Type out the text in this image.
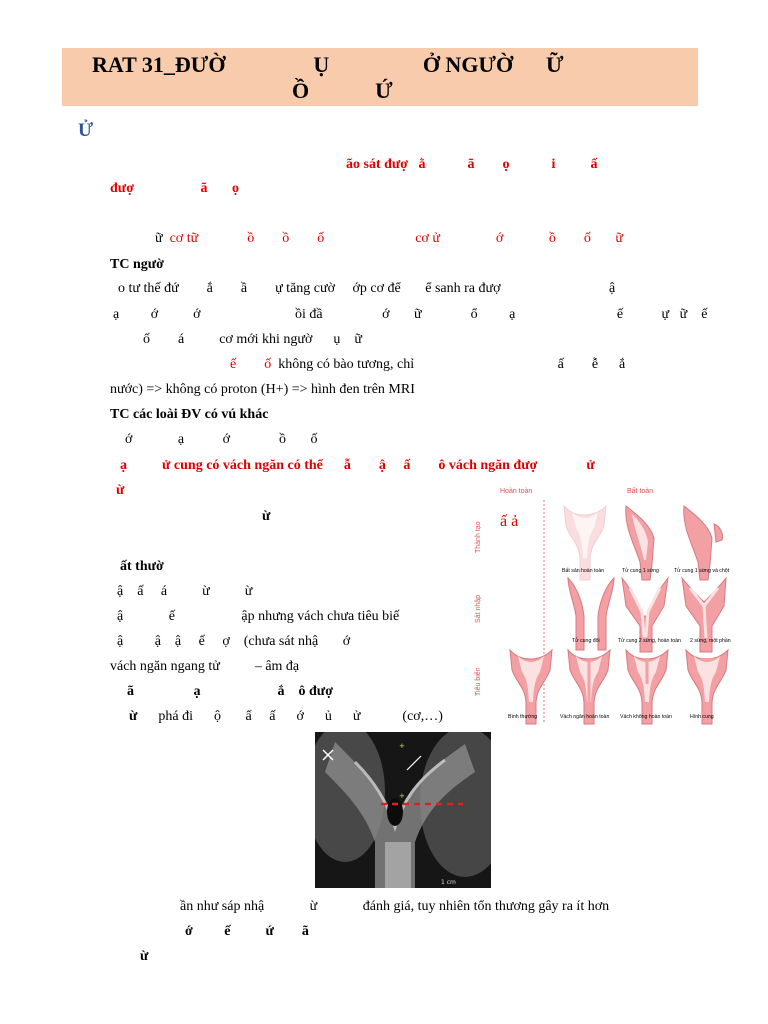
RAT 31_ĐƯỜ                Ụ                 Ở NGƯỜ      Ữ
Ồ            Ứ
Ử
ão sát đượ   ằ            ã        ọ            i          ấ
đượ                   ã       ọ
ữ  cơ tữ              ồ        ồ        ố                          cơ ử                ớ             ồ        ố       ữ
TC ngườ
o tư thế đứ        ắ        ầ        ự tăng cườ     ớp cơ để       ể sanh ra đượ                               ậ
ạ         ớ          ớ                           ồi đầ                 ớ       ữ              ổ         ạ                             ế           ự   ữ    ế
ố        á          cơ mới khi ngườ      ụ    ữ
ế        ố  không có bào tương, chỉ                                         ấ        ễ      ắ
nước) => không có proton (H+) => hình đen trên MRI
TC các loài ĐV có vú khác
ớ             ạ           ớ              ồ       ố
ạ          ử cung có vách ngăn có thể      ẫ        ậ     ấ        ô vách ngăn đượ              ử
ừ
ừ
ất thườ
ậ    ấ     á          ừ          ừ
ậ             ế                   ập nhưng vách chưa tiêu biế
ậ         ậ    ậ     ế     ợ    (chưa sát nhậ       ớ
vách ngăn ngang tử          – âm đạ
ã                 ạ                      ắ    ô đượ
ừ      phá đi      ộ       ẩ     ấ      ớ      ủ      ử            (cơ,…)
ần như sáp nhậ             ừ             đánh giá, tuy nhiên tổn thương gây ra ít hơn
ớ         ế          ứ        ã
ừ
Hoàn toàn	Bất toàn
Thành tạo
Sát nhập
Tiêu biến
ấ ả
Bất sản hoàn toàn	Tử cung 1 sừng	Tử cung 1 sừng và chột
Tử cung đôi	Tử cung 2 sừng, hoàn toàn 2 sừng, một phần
Bình thường	Vách ngăn hoàn toàn Vách không hoàn toàn	Hình cung
+
+
1 cm
